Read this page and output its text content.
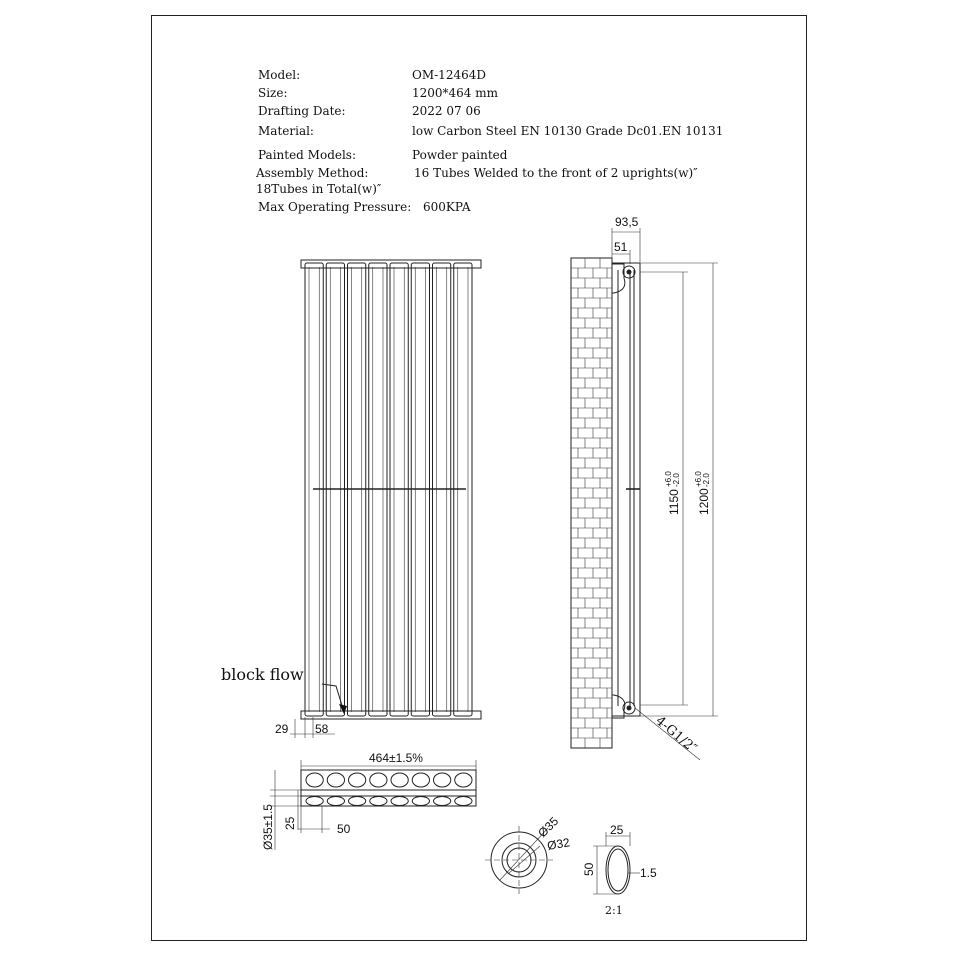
Model:	OM-12464D
Size:	1200*464 mm
Drafting Date:	2022 07 06
Material:	low Carbon Steel EN 10130 Grade Dc01.EN 10131
Painted Models:	Powder painted
Assembly Method:	16 Tubes Welded to the front of 2 uprights(w)″
18Tubes in Total(w)″
Max Operating Pressure: 600KPA
block flow
29 58
93,5
51
1150
+6.0 -2.0
1200
+6.0 -2.0
4-G1/2″
464±1.5%
Ø35±1.5 25	50	Ø35
Ø32
25
50	1.5
2:1
